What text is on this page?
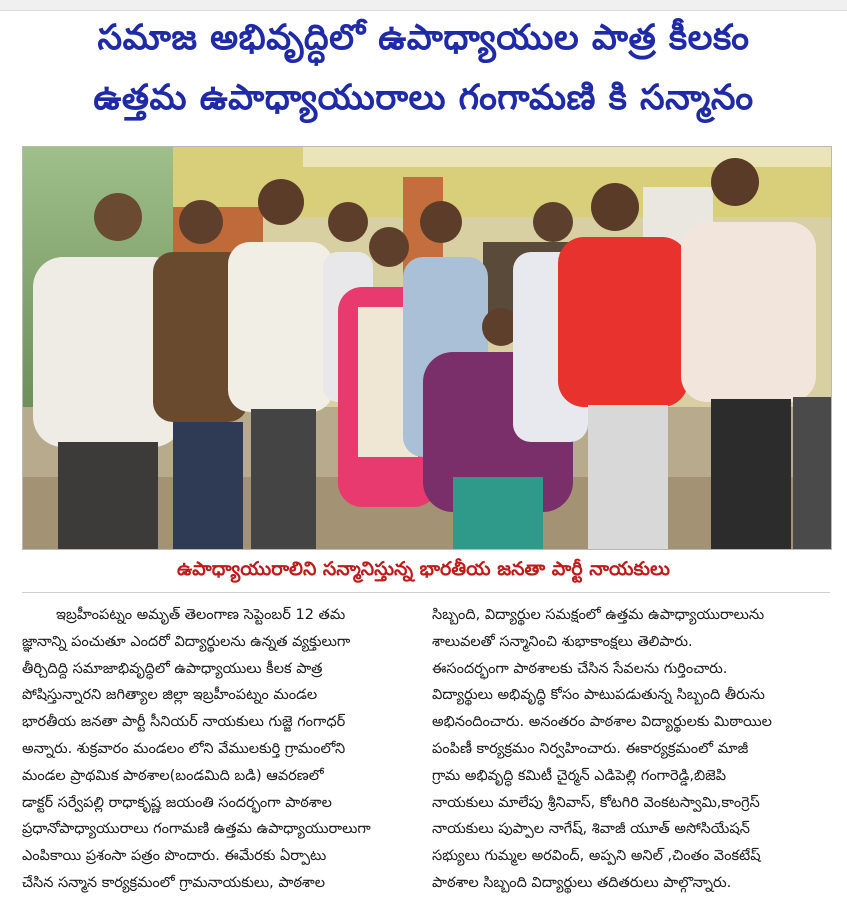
సమాజ అభివృద్ధిలో ఉపాధ్యాయుల పాత్ర కీలకం
ఉత్తమ ఉపాధ్యాయురాలు గంగామణి కి సన్మానం
ఉపాధ్యాయురాలిని సన్మానిస్తున్న భారతీయ జనతా పార్టీ నాయకులు
ఇబ్రహీంపట్నం అమృత్ తెలంగాణ సెప్టెంబర్ 12 తమ
జ్ఞానాన్ని పంచుతూ ఎందరో విద్యార్థులను ఉన్నత వ్యక్తులుగా
తీర్చిదిద్ది సమాజాభివృద్ధిలో ఉపాధ్యాయులు కీలక పాత్ర
పోషిస్తున్నారని జగిత్యాల జిల్లా ఇబ్రహీంపట్నం మండల
భారతీయ జనతా పార్టీ సీనియర్ నాయకులు గుజ్జె గంగాధర్
అన్నారు. శుక్రవారం మండలం లోని వేములకుర్తి గ్రామంలోని
మండల ప్రాథమిక పాఠశాల(బండమిది బడి) ఆవరణలో
డాక్టర్ సర్వేపల్లి రాధాకృష్ణ జయంతి సందర్భంగా పాఠశాల
ప్రధానోపాధ్యాయురాలు గంగామణి ఉత్తమ ఉపాధ్యాయురాలుగా
ఎంపికాయి ప్రశంసా పత్రం పొందారు. ఈమేరకు ఏర్పాటు
చేసిన సన్మాన కార్యక్రమంలో గ్రామనాయకులు, పాఠశాల
సిబ్బంది, విద్యార్థుల సమక్షంలో ఉత్తమ ఉపాధ్యాయురాలును
శాలువలతో సన్మానించి శుభాకాంక్షలు తెలిపారు.
ఈసందర్భంగా పాఠశాలకు చేసిన సేవలను గుర్తించారు.
విద్యార్థులు అభివృద్ధి కోసం పాటుపడుతున్న సిబ్బంది తీరును
అభినందించారు. అనంతరం పాఠశాల విద్యార్థులకు మిఠాయిల
పంపిణీ కార్యక్రమం నిర్వహించారు. ఈకార్యక్రమంలో మాజీ
గ్రామ అభివృద్ధి కమిటీ చైర్మన్ ఎడిపెల్లి గంగారెడ్డి,బిజెపి
నాయకులు మాలేపు శ్రీనివాస్, కోటగిరి వెంకటస్వామి,కాంగ్రెస్
నాయకులు పుప్పాల నాగేష్, శివాజీ యూత్ అసోసియేషన్
సభ్యులు గుమ్మల అరవింద్, అప్పని అనిల్ ,చింతం వెంకటేష్
పాఠశాల సిబ్బంది విద్యార్థులు తదితరులు పాల్గొన్నారు.
